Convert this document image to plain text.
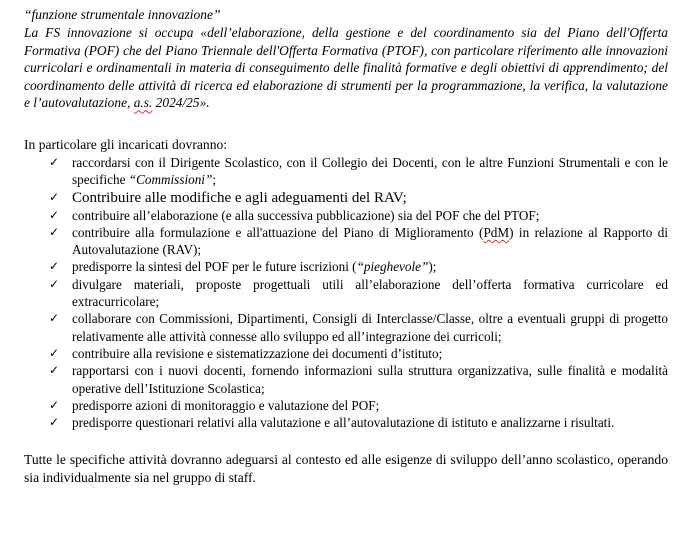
“funzione strumentale innovazione”

La FS innovazione si occupa «dell’elaborazione, della gestione e del coordinamento sia del Piano dell'Offerta Formativa (POF) che del Piano Triennale dell'Offerta Formativa (PTOF), con particolare riferimento alle innovazioni curricolari e ordinamentali in materia di conseguimento delle finalità formative e degli obiettivi di apprendimento; del coordinamento delle attività di ricerca ed elaborazione di strumenti per la programmazione, la verifica, la valutazione e l’autovalutazione, a.s. 2024/25».

In particolare gli incaricati dovranno:

✓ raccordarsi con il Dirigente Scolastico, con il Collegio dei Docenti, con le altre Funzioni Strumentali e con le specifiche “Commissioni”;
✓ Contribuire alle modifiche e agli adeguamenti del RAV;
✓ contribuire all’elaborazione (e alla successiva pubblicazione) sia del POF che del PTOF;
✓ contribuire alla formulazione e all'attuazione del Piano di Miglioramento (PdM) in relazione al Rapporto di Autovalutazione (RAV);
✓ predisporre la sintesi del POF per le future iscrizioni (“pieghevole”);
✓ divulgare materiali, proposte progettuali utili all’elaborazione dell’offerta formativa curricolare ed extracurricolare;
✓ collaborare con Commissioni, Dipartimenti, Consigli di Interclasse/Classe, oltre a eventuali gruppi di progetto relativamente alle attività connesse allo sviluppo ed all’integrazione dei curricoli;
✓ contribuire alla revisione e sistematizzazione dei documenti d’istituto;
✓ rapportarsi con i nuovi docenti, fornendo informazioni sulla struttura organizzativa, sulle finalità e modalità operative dell’Istituzione Scolastica;
✓ predisporre azioni di monitoraggio e valutazione del POF;
✓ predisporre questionari relativi alla valutazione e all’autovalutazione di istituto e analizzarne i risultati.

Tutte le specifiche attività dovranno adeguarsi al contesto ed alle esigenze di sviluppo dell’anno scolastico, operando sia individualmente sia nel gruppo di staff.
